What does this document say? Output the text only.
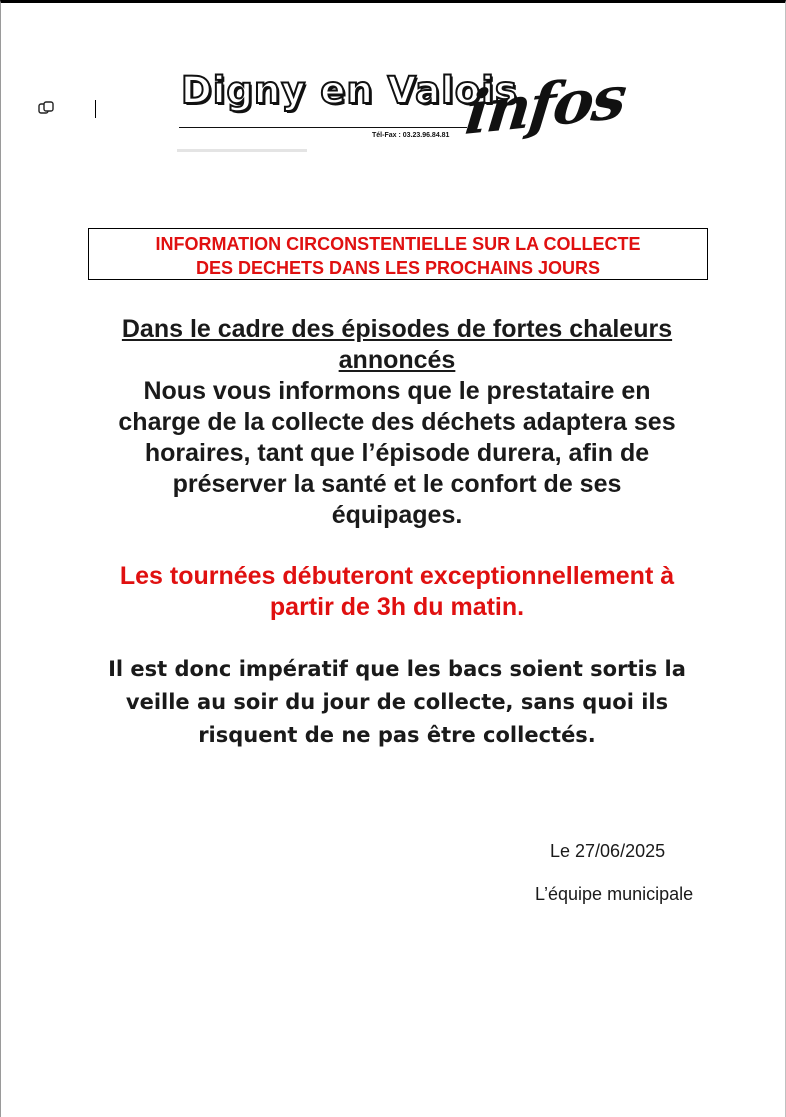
Digny en Valois
Tél-Fax : 03.23.96.84.81 infos
INFORMATION CIRCONSTENTIELLE SUR LA COLLECTE
DES DECHETS DANS LES PROCHAINS JOURS
Dans le cadre des épisodes de fortes chaleurs
annoncés
Nous vous informons que le prestataire en
charge de la collecte des déchets adaptera ses
horaires, tant que l’épisode durera, afin de
préserver la santé et le confort de ses
équipages.
Les tournées débuteront exceptionnellement à
partir de 3h du matin.
Il est donc impératif que les bacs soient sortis la
veille au soir du jour de collecte, sans quoi ils
risquent de ne pas être collectés.
Le 27/06/2025
L’équipe municipale
